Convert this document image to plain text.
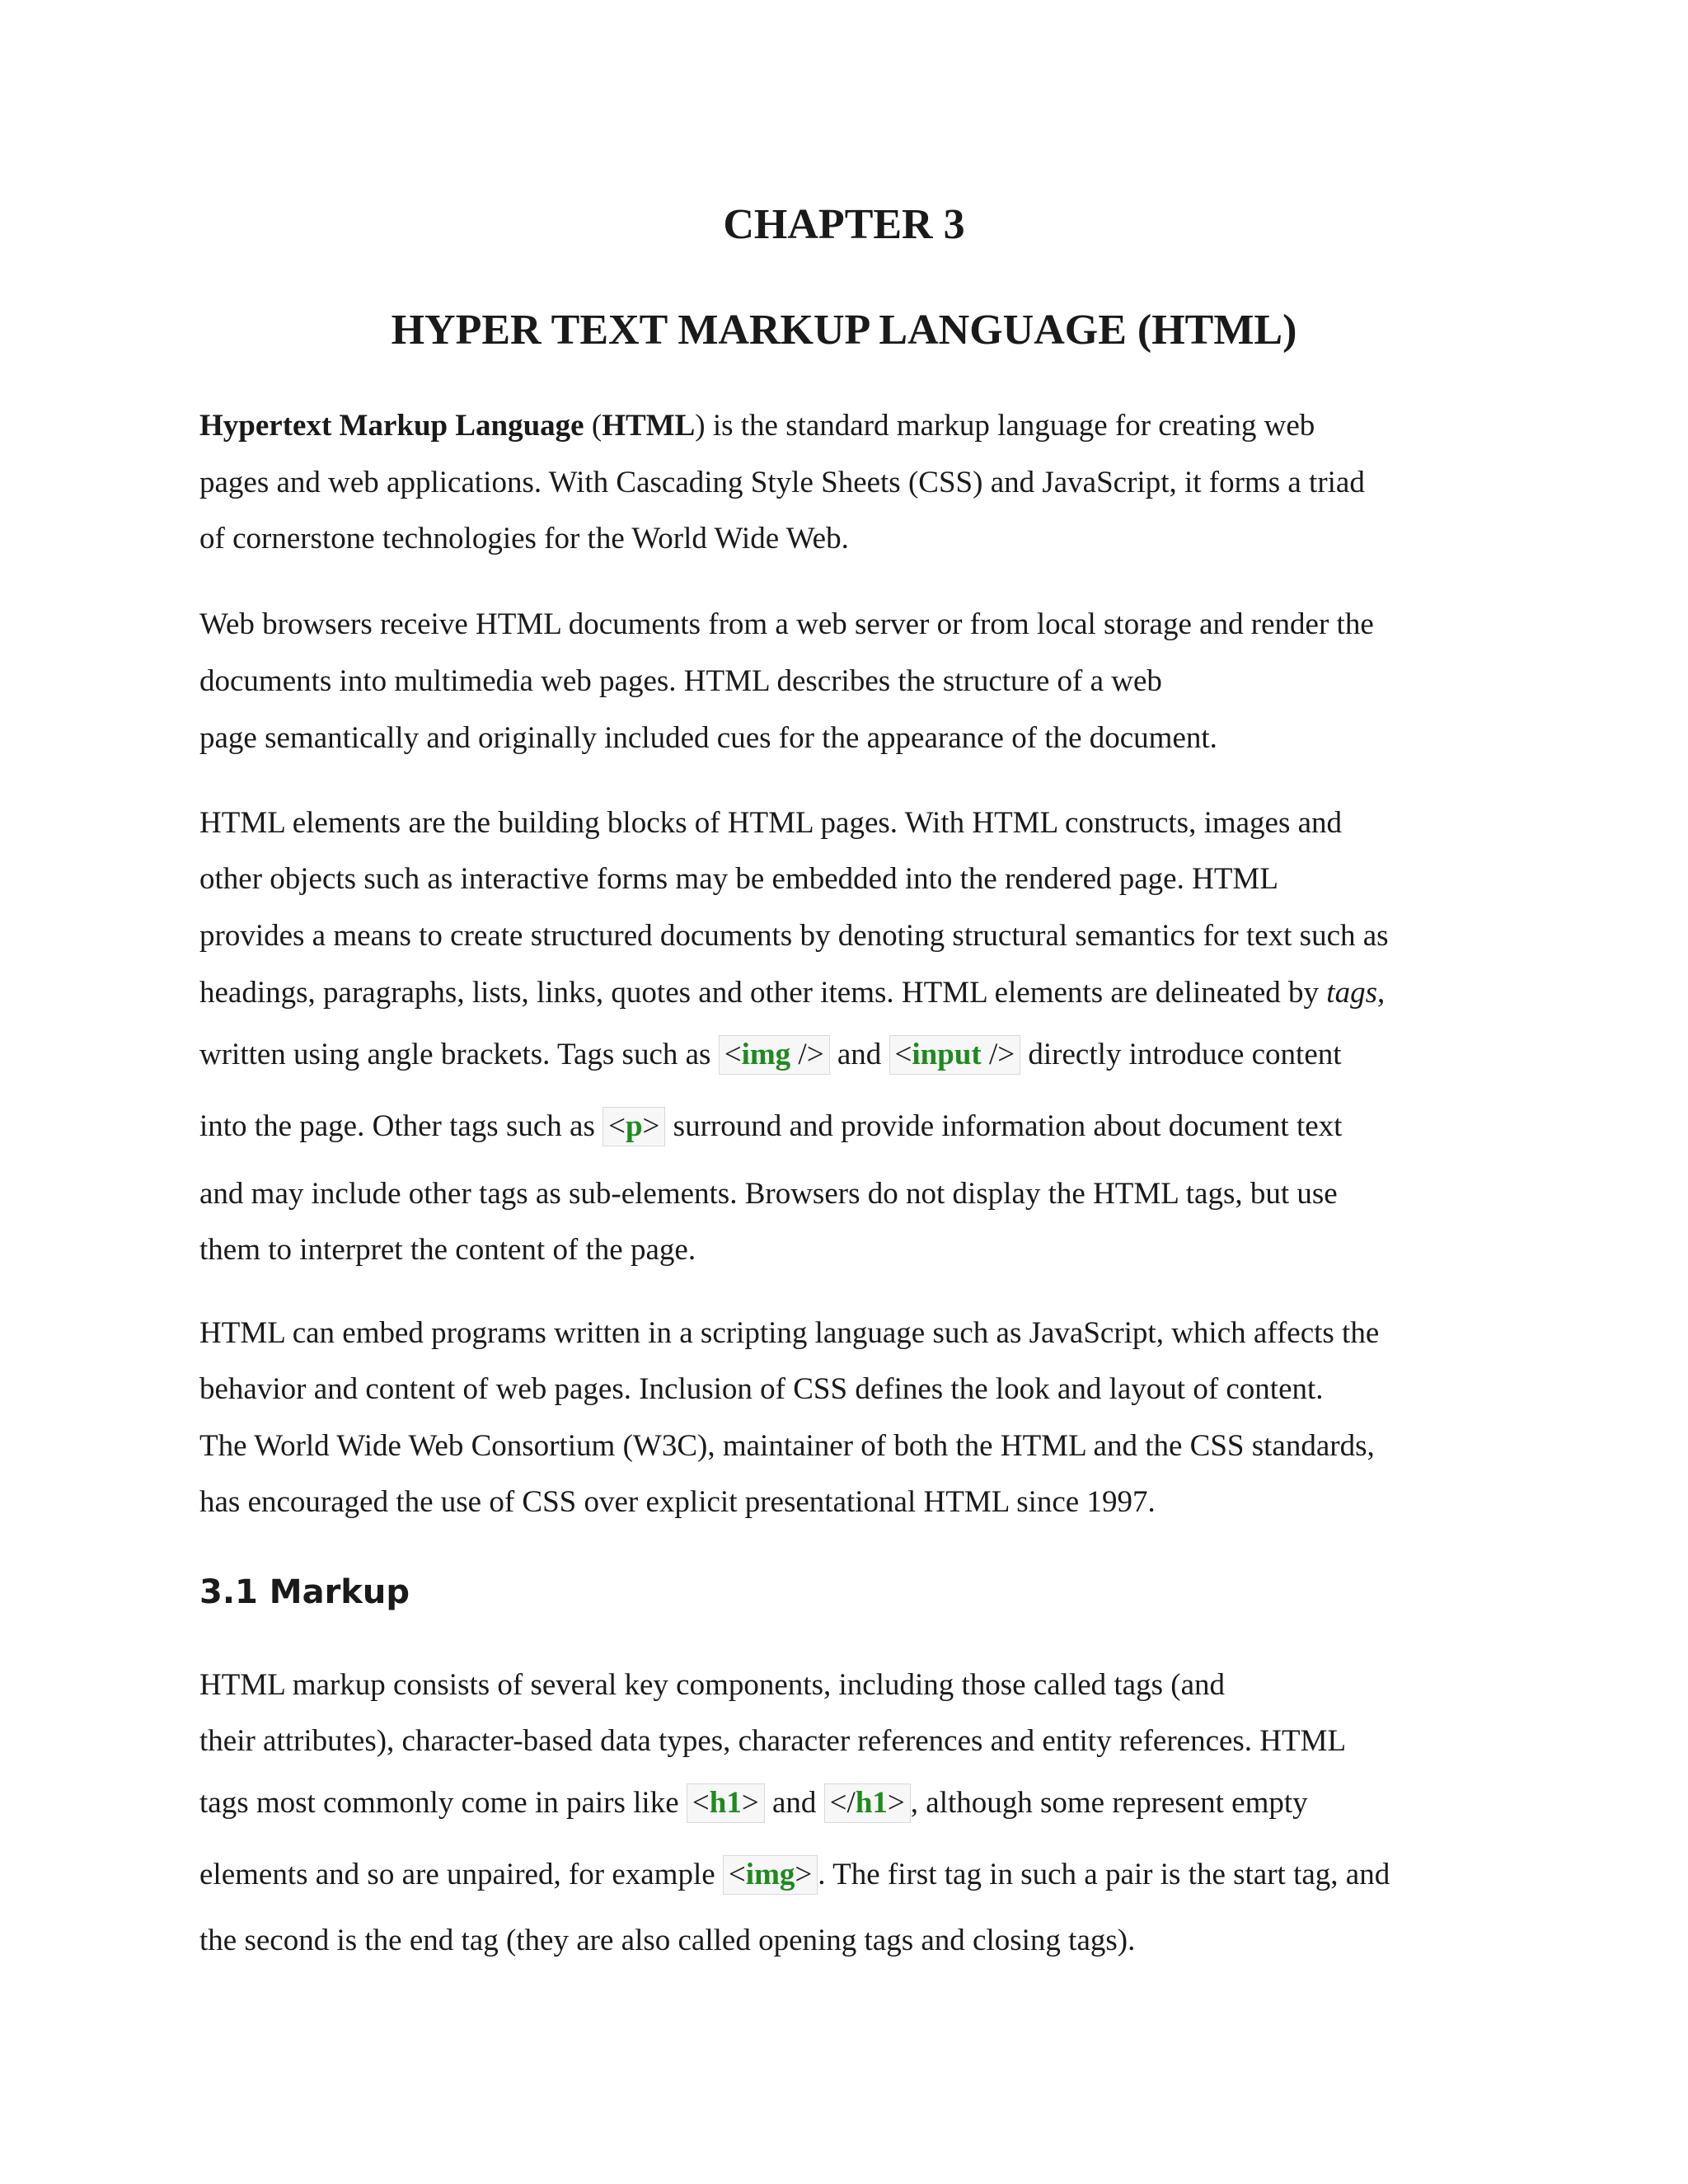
CHAPTER 3
HYPER TEXT MARKUP LANGUAGE (HTML)
Hypertext Markup Language (HTML) is the standard markup language for creating web
pages and web applications. With Cascading Style Sheets (CSS) and JavaScript, it forms a triad
of cornerstone technologies for the World Wide Web.
Web browsers receive HTML documents from a web server or from local storage and render the
documents into multimedia web pages. HTML describes the structure of a web
page semantically and originally included cues for the appearance of the document.
HTML elements are the building blocks of HTML pages. With HTML constructs, images and
other objects such as interactive forms may be embedded into the rendered page. HTML
provides a means to create structured documents by denoting structural semantics for text such as
headings, paragraphs, lists, links, quotes and other items. HTML elements are delineated by tags,
written using angle brackets. Tags such as <img /> and <input /> directly introduce content
into the page. Other tags such as <p> surround and provide information about document text
and may include other tags as sub-elements. Browsers do not display the HTML tags, but use
them to interpret the content of the page.
HTML can embed programs written in a scripting language such as JavaScript, which affects the
behavior and content of web pages. Inclusion of CSS defines the look and layout of content.
The World Wide Web Consortium (W3C), maintainer of both the HTML and the CSS standards,
has encouraged the use of CSS over explicit presentational HTML since 1997.
3.1 Markup
HTML markup consists of several key components, including those called tags (and
their attributes), character-based data types, character references and entity references. HTML
tags most commonly come in pairs like <h1> and </h1> , although some represent empty
elements and so are unpaired, for example <img> . The first tag in such a pair is the start tag, and
the second is the end tag (they are also called opening tags and closing tags).
